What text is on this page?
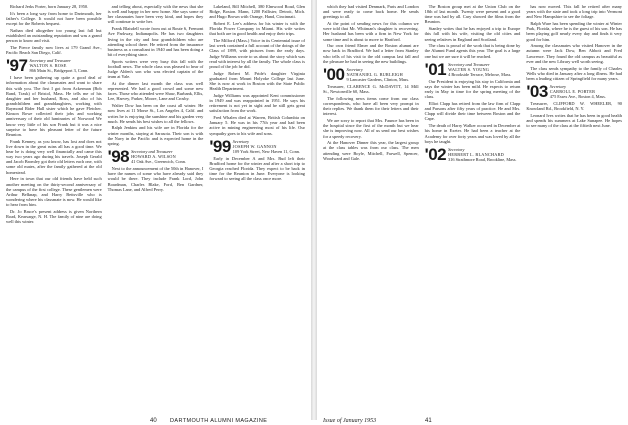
Richard Jerks Porter, born January 28, 1950.

It's been a long way from home to Dartmouth, her father's College. It would not have been possible except for the Roberts bequest.

Nathan died altogether too young last fall but established an outstanding reputation and was a grand person to know and visit.

The Pierce family now lives at 179 Grand Ave., Pacific Beach San Diego, Calif.

'97 Secretary and Treasurer
WALTON S. ROSE
866 Main St., Bridgeport 3, Conn.

I have been gathering up quite a good deal of information about the classmates and want to share this with you. The first I got from Ackerman (Bob Rand, Trask) of Bristol, Mass. He tells me of his daughter and her husband, Ross, and also of his grandchildren and granddaughters, working with Raymond Rider Hall sister which he gave Fletcher. Kinson Rowe collected their jobs and working anniversary of their old luminaries of Norwood We know very little of his son Frank but it was a nice surprise to have his pleasant letter of the future Reunion.

Frank Kenney, as you know, has lost and does not live down in the great ruins all has a good time. We hear he is doing very well financially and came this way two years ago during his travels. Joseph Gerald and Jacob Bromley got their old letters each one, with some old mates, after the family gathered at the old homestead.

Here in town that our old friends have held such another meeting on the thirty-second anniversary of the campus of the first college. These gentlemen were Arthur Belknap, and Harry Bettsville who is wondering where his classmate is now. He would like to hear from him.

Dr. Jo Bruce's present address is given Northern Road, Kearsarge, N. H. The family of nine are doing well this winter.

and telling about, especially with the news that she is well and happy in her new home. She says some of her classmates have been very kind, and hopes they will continue to write her.

Frank Blaisdell wrote from out at Route 6, Fremont Ave Parkway, Indianapolis. He has two daughters living in the city and four grandchildren who are attending school there. He retired from the insurance business as a consultant in 1940 and has been doing a bit of everything since.

Sports writers were very busy this fall with the football news. The whole class was pleased to hear of Judge Alden's son who was elected captain of the team at Yale.

At the dinner last month the class was well represented. We had a good crowd and some new faces. Those who attended were Shaw, Burbank, Ellis, Lee, Harvey, Parker, Moore, Lane and Crosby.

Walter Dow has been on the coast all winter. He now lives at 11 Morse St., Los Angeles 4, Calif. and writes he is enjoying the sunshine and his garden very much. He sends his best wishes to all the fellows.

Ralph Jenkins and his wife are in Florida for the winter months, staying at Sarasota. Their son is with the Navy in the Pacific and is expected home in the spring.

'98 Secretary and Treasurer
HOWARD A. WILSON
41 Oak Ave., Greenwich, Conn.

Next to the announcement of the 50th in Hanover, I have the names of some who have already said they would be there. They include Frank Lord, John Boardman, Charles Blake, Ford, Ben Gardner, Thomas Lane, and Alfred Perry.

Lakeland, Bill Mitchell, 380 Elmwood Road, Glen Ridge, Boston. Mann, 1200 Pallister, Detroit, Mich. and Hugo Brown with Orange, Hand, Cincinnati.

Robert E. Lee's address for his winter is with the Florida Power Company in Miami. His wife writes that both are in good health and enjoy their trips.

The Milford (Mass.) Voice in its Centennial issue of last week contained a full account of the doings of the Class of 1899, with pictures from the early days. Judge Williams wrote to us about the story which was read with interest by all the family. The whole class is proud of the job he did.

Judge Robert M. Pride's daughter Virginia graduated from Mount Holyoke College last June. She is now at work in Boston with the State Public Health Department.

Judge Williams was appointed Kent commissioner in 1949 and was reappointed in 1951. He says his retirement is not yet in sight and he still gets great satisfaction from the work.

Fred Whalen died at Warren, British Columbia on January 5. He was in his 77th year and had been active in mining engineering most of his life. Our sympathy goes to his wife and sons.

'99 Secretary
JOSEPH W. GANNON
109 York Street, New Haven 11, Conn.

Early in December A and Mrs. Bud left their Bradford home for the winter and after a short trip to Georgia reached Florida. They expect to be back in time for the Reunion in June. Everyone is looking forward to seeing all the class once more.

40 DARTMOUTH ALUMNI MAGAZINE

which they had visited Denmark, Paris and London and were ready to come back home. He sends greetings to all.

At the point of sending news for this column we were told that Mr. Whitman's daughter is recovering. Her husband has been with a firm in New York for some time and is about to move to Hartford.

Our own friend Elmer and the Boston alumni are now back in Bradford. We had a letter from Stanley who tells of his visit to the old campus last fall and the pleasure he had in seeing the new buildings.

'00 Secretary
NATHANIEL G. BURLEIGH
9 Lancaster Gardens, Clinton, Mass.

Treasurer, CLARENCE G. McDAVITT, 14 Mill St., Newtonville 60, Mass.

The following news items come from our class correspondents, who have all been very prompt in their replies. We thank them for their letters and their interest.

We are sorry to report that Mrs. Faunce has been in the hospital since the first of the month but we hear she is improving now. All of us send our best wishes for a speedy recovery.

At the Hanover Dinner this year, the largest group at the class tables was from our class. The men attending were Boyle, Mitchell, Farwell, Spencer, Woodward and Gale.

The Boston group met at the Union Club on the 18th of last month. Twenty were present and a good time was had by all. Cary showed the films from the Reunion.

Stanley writes that he has enjoyed a trip to Europe this fall with his wife, visiting the old cities and seeing relatives in England and Scotland.

The class is proud of the work that is being done by the Alumni Fund agents this year. The goal is a large one but we are sure it will be reached.

'01 Secretary and Treasurer
WALTER S. YOUNG
4 Brookside Terrace, Melrose, Mass.

Our President is enjoying his stay in California and says the winter has been mild. He expects to return early in May in time for the spring meeting of the class.

Elliot Clapp has retired from the law firm of Clapp and Parsons after fifty years of practice. He and Mrs. Clapp will divide their time between Boston and the Cape.

The death of Harry Walker occurred in December at his home in Exeter. He had been a teacher at the Academy for over forty years and was loved by all the boys he taught.

'02 Secretary
HERBERT L. BLANCHARD
316 Strathmore Road, Brookline, Mass.

has now moved. This fall he retired after many years with the state and took a long trip into Vermont and New Hampshire to see the foliage.

Ralph Ware has been spending the winter at Winter Park, Florida, where he is the guest of his son. He has been playing golf nearly every day and finds it very good for him.

Among the classmates who visited Hanover in the autumn were Jack Dow, Ben Abbott and Fred Lawrence. They found the old campus as beautiful as ever and the new Library well worth seeing.

The class sends sympathy to the family of Charles Wells who died in January after a long illness. He had been a leading citizen of Springfield for many years.

'03 Secretary
CARROLL E. PORTER
475 Essex Ave., Boston 4, Mass.

Treasurer, CLIFFORD W. WHEELER, 90 Knowland Rd., Brookfield, N. Y.

Leonard Ives writes that he has been in good health and spends his summers at Lake Sunapee. He hopes to see many of the class at the fiftieth next June.

Issue of January 1953	41
